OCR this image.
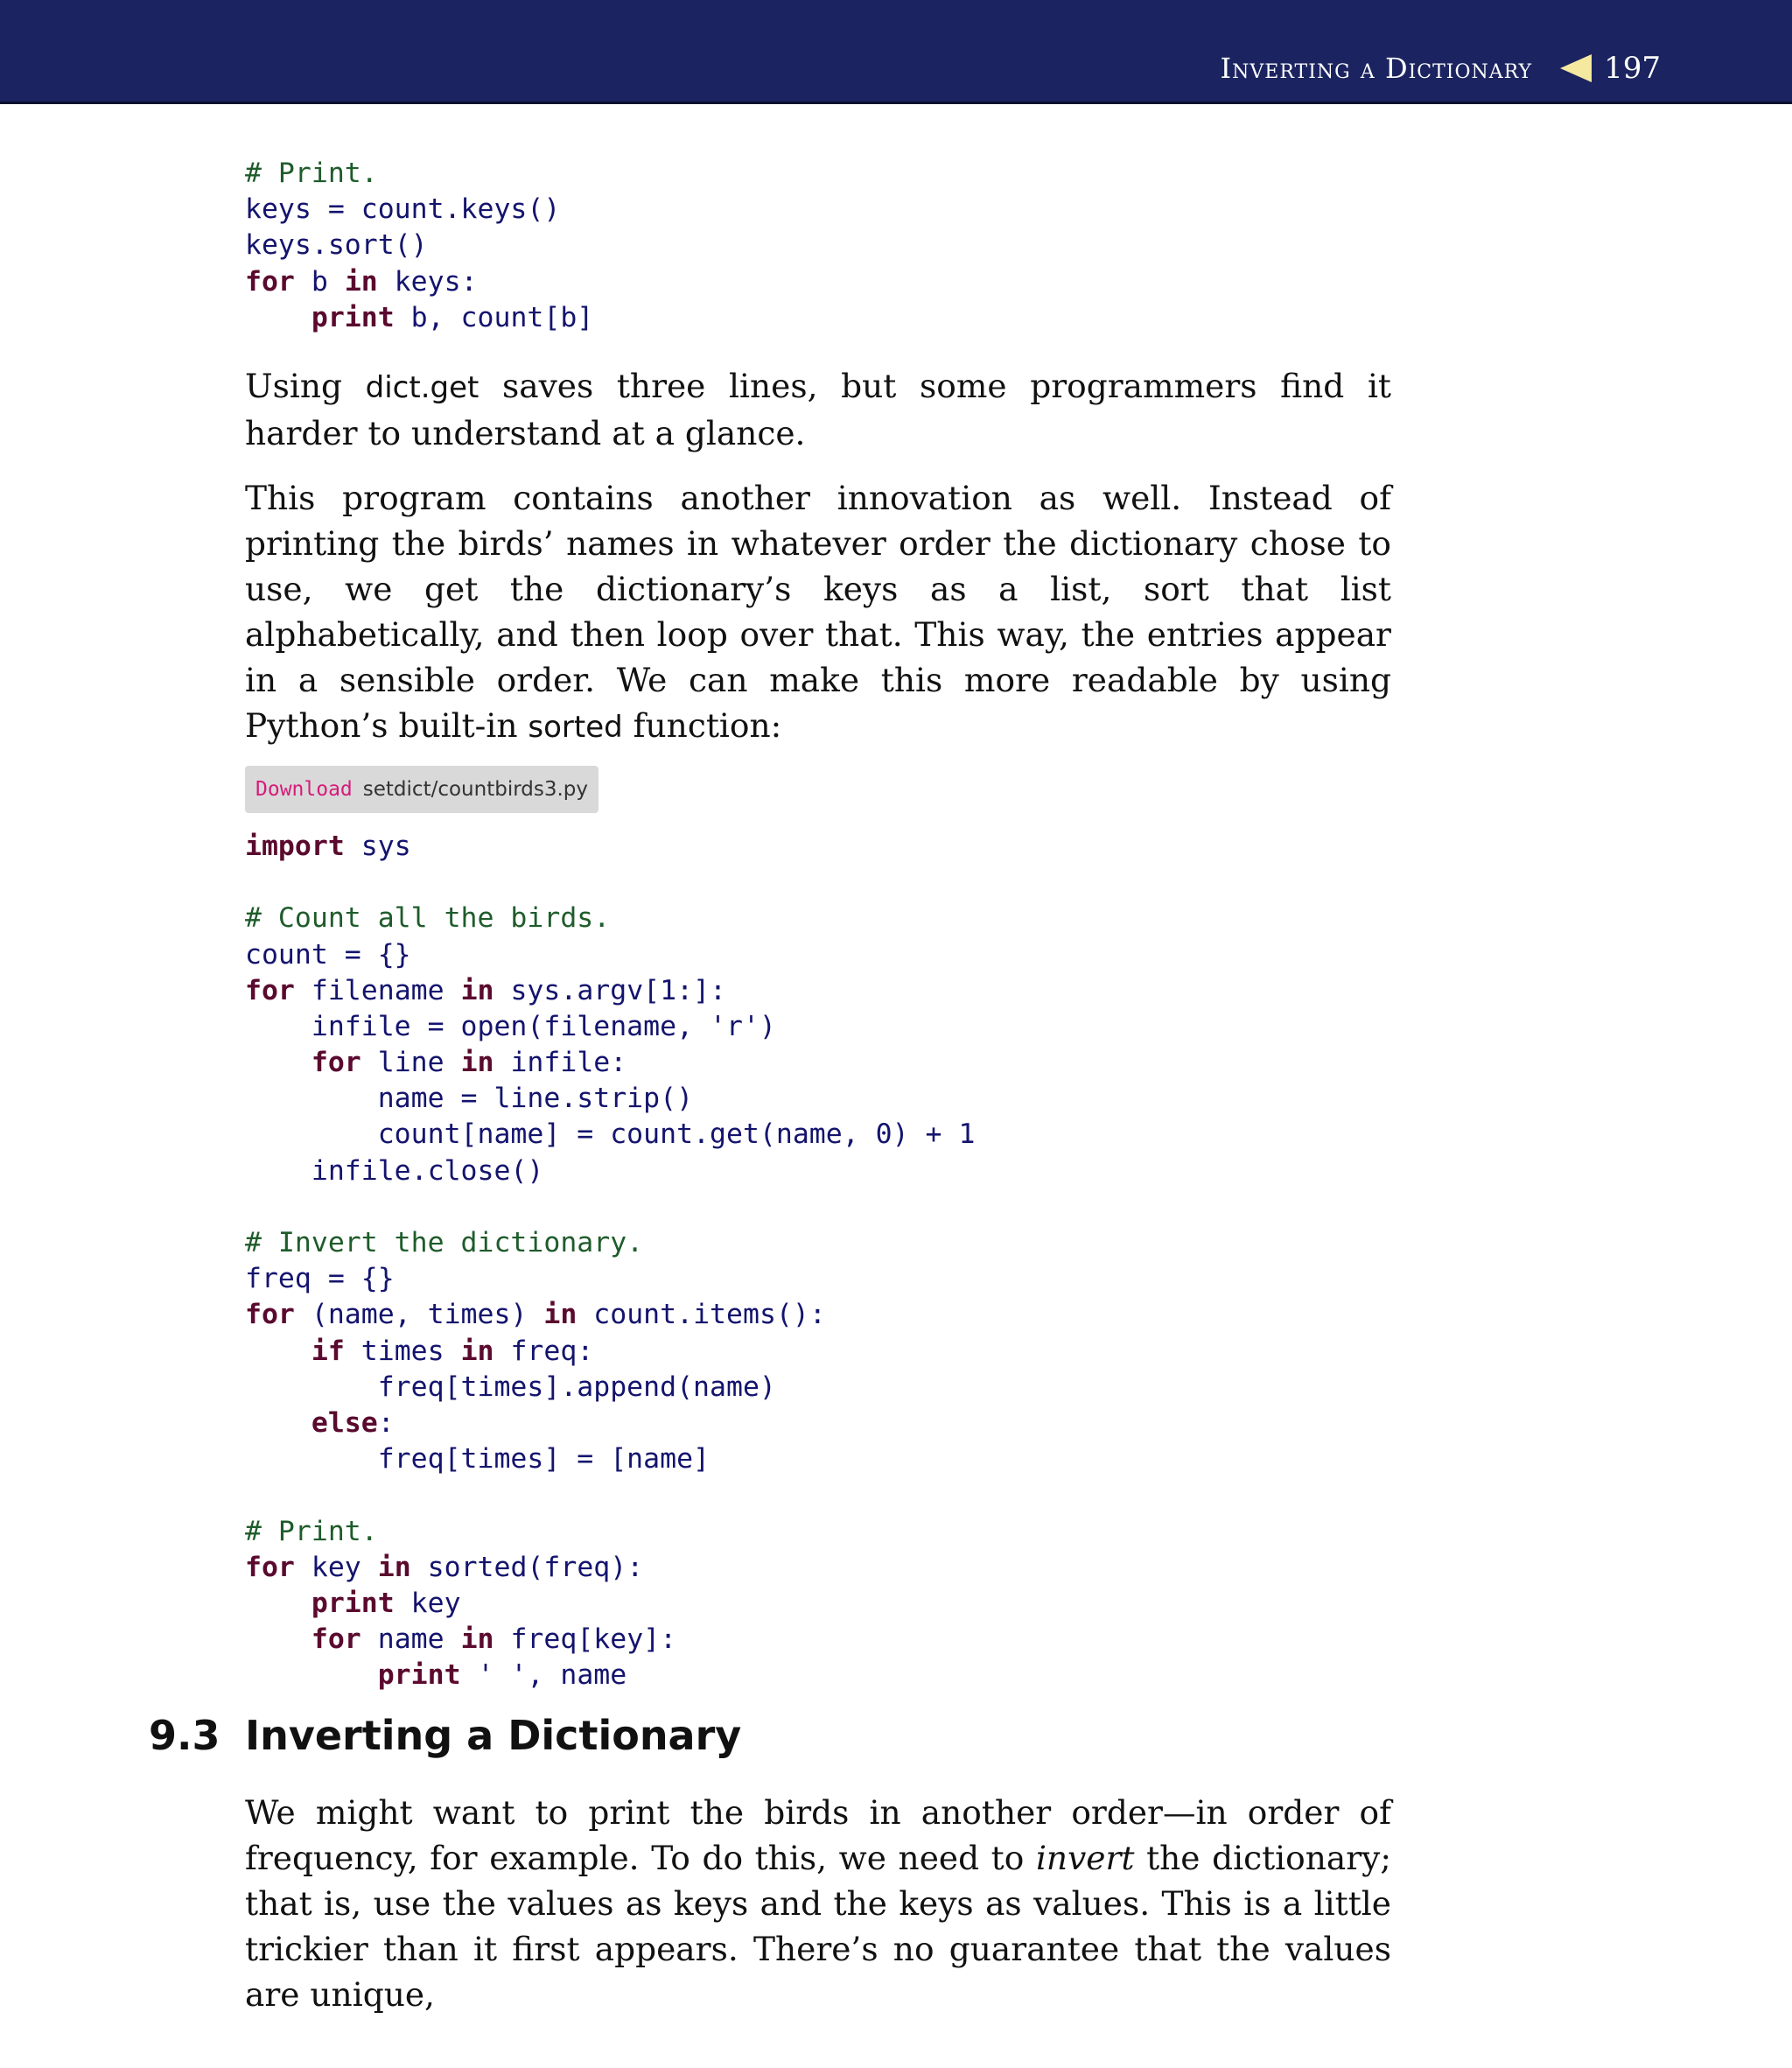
Inverting a Dictionary 197
# Print.
keys = count.keys()
keys.sort()
for b in keys:
print b, count[b]

Using dict.get saves three lines, but some programmers find it harder to understand at a glance.

This program contains another innovation as well. Instead of printing the birds’ names in whatever order the dictionary chose to use, we get the dictionary’s keys as a list, sort that list alphabetically, and then loop over that. This way, the entries appear in a sensible order. We can make this more readable by using Python’s built-in sorted function:

Download setdict/countbirds3.py
import sys
# Count all the birds.
count = {}
for filename in sys.argv[1:]:
infile = open(filename, 'r')
for line in infile:
name = line.strip()
count[name] = count.get(name, 0) + 1
infile.close()
# Invert the dictionary.
freq = {}
for (name, times) in count.items():
if times in freq:
freq[times].append(name)
else:
freq[times] = [name]
# Print.
for key in sorted(freq):
print key
for name in freq[key]:
print ' ', name
9.3 Inverting a Dictionary

We might want to print the birds in another order—in order of frequency, for example. To do this, we need to invert the dictionary; that is, use the values as keys and the keys as values. This is a little trickier than it first appears. There’s no guarantee that the values are unique,
